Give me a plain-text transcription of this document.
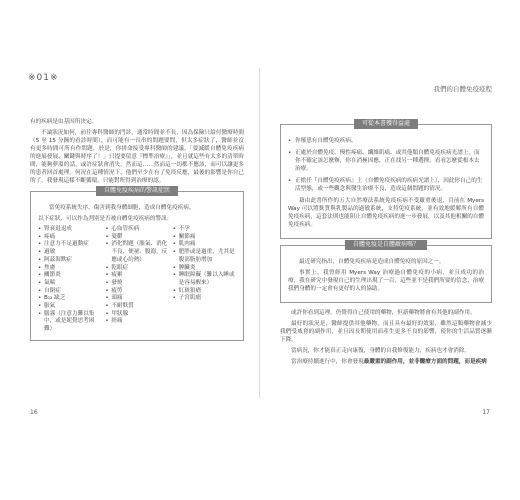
※01※
我們的自體免疫疫程

有的疾病是由基因所決定。

不論狀況如何，前往專科醫師的門診，通常時間並不長，因為保險只給付醫療時間（5 至 15 分鐘的看診時間），而可能有一長串的問題要問，但太多症狀了，醫師並沒有更多時間可所有作問題。於是，你拼命接受專科醫師的建議，「要減緩自體免疫疾病的進展發展，關鍵與時序了！」只提要留意『標準治療』」，並且就這些有太多的清單時間，能夠夢溫的話，或許症狀會消失，然而這……然而這一切都不應該，而可以讓更多的患者回首處理。何況在這種情況下，他們至少在有了免疫反應，最後的影響是你自己的了，我發現這樣不斷循環，只能對所得到治療的認。

自體免疫疾病的警訊症狀

當免疫系統失序，傷害到我身體細胞，造成自體免疫疾病。

以下症狀，可以作為判別是否被自體免疫疾病的警訊：

• 腎衰退退成
• 疼痛
• 注意力不足過動症
• 過敏
• 阿茲海默症
• 焦慮
• 關節炎
• 氣喘
• 自閉症
• B₁₂ 缺乏
• 脹氣
• 腦霧（注意力難以集中，或是妮覺思考困難）
• 心血管疾病
• 憂鬱
• 消化問題（脹氣、消化不良、便祕、腹瀉，反應或心約熱）
• 乾眼症
• 疲累
• 發燒
• 疲勞
• 頭痛
• 不耐麩質
• 甲狀腺
• 經痛
• 不孕
• 關節痛
• 肌肉痛
• 肥胖或是過重、尤其是腹部脂肪增加
• 脾臟炎
• 睡眠障礙（難以入睡或是容易醒來）
• 紅斑狼瘡
• 子宮肌瘤
可從本書獲得益處
• 你罹患有自體免疫疾病。
• 正處於自體免疫、慢性疼痛、纖維肌痛、或其他類自體免疫疾病光譜上，而你不確定該怎麼辦，你在消極因應，正在找另一種選擇，看看怎麼從根本去治療。
• 正擔任『自體免疫疾病』上（自體免疫疾病的疾病光譜上），因此你自己的生活型態，或一些觀念與醫生治療不良，造成這個問題的情況。

藉由此書所作的五大自然療法系統免疫疾病不受嚴重後退，目前在 Myers Way 可以將麩質與乳製品的過敏系統，支持免疫系統，並有效地緩解所有自體免疫疾病，這套法則也能阻止自體免疫疾病的進一步發展，以及其他相關的自體免疫疾病。

自體免疫是自體敵病嗎？

最近研究指出，自體免疫疾病是造成自體免疫的原因之一。

事實上，我曾經用 Myers Way 治療過自體免疫的小病，並且成功的治療，我在研究中發現自己的生理出現了一百，這些並不是我們所要的信念，治療我們身體的一定會有更好的人的協助。

或許你看到這裡，仍覺得自己使用的藥物，但新藥物將會有其他的副作用。

最好的狀況是，醫師提供其他藥物，而且具有最好的效果，雖然這類藥物會減少我們受威脅的副作用，並且因長期使用而產生更多不良的影響，使你的生活品質逐漸下降。

當病況，你才能真正走向康復，身體的自我修復能力，疾病也才會消除。

當治療持續進行中，你會發現最嚴重的副作用，並非醫療方面的問題，而是疾病

16	17
